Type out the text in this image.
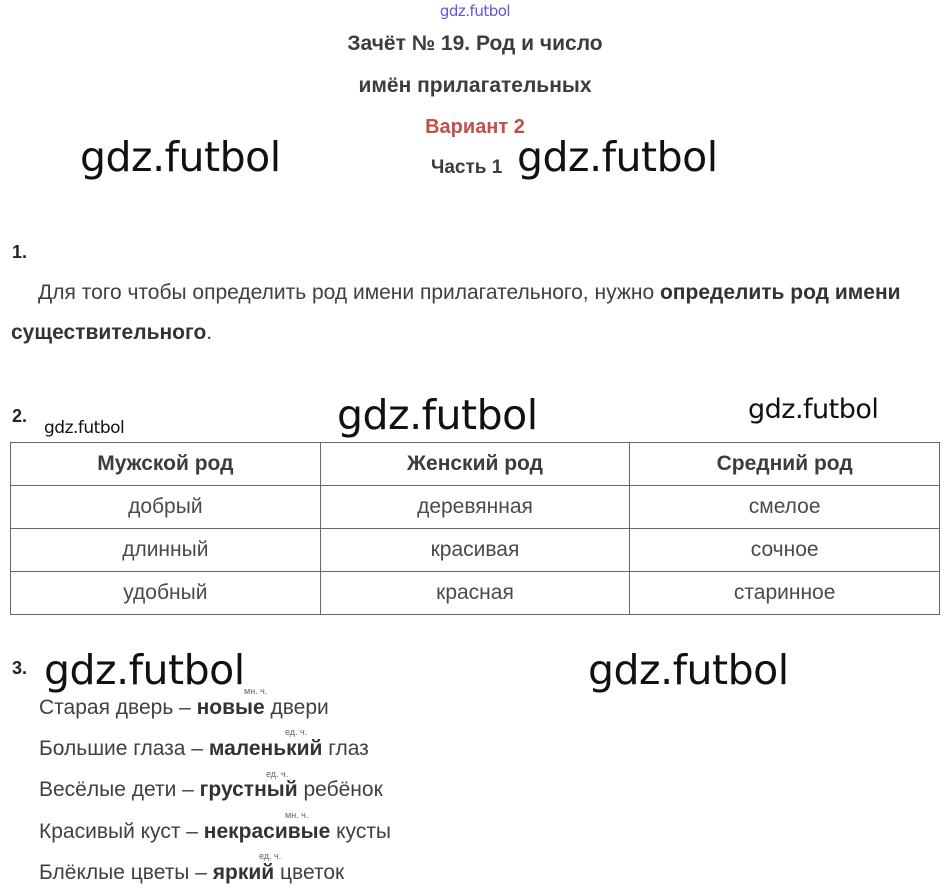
gdz.futbol
Зачёт № 19. Род и число
имён прилагательных
Вариант 2
Часть 1
gdz.futbol	gdz.futbol
1.
Для того чтобы определить род имени прилагательного, нужно определить род имени существительного.
2.
gdz.futbol	gdz.futbol	gdz.futbol
Мужской род	Женский род	Средний род
добрый	деревянная	смелое
длинный	красивая	сочное
удобный	красная	старинное
3. gdz.futbol	gdz.futbol
мн. ч.
Старая дверь – новые двери
ед. ч.
Большие глаза – маленький глаз
ед. ч.
Весёлые дети – грустный ребёнок
мн. ч.
Красивый куст – некрасивые кусты
ед. ч.
Блёклые цветы – яркий цветок
